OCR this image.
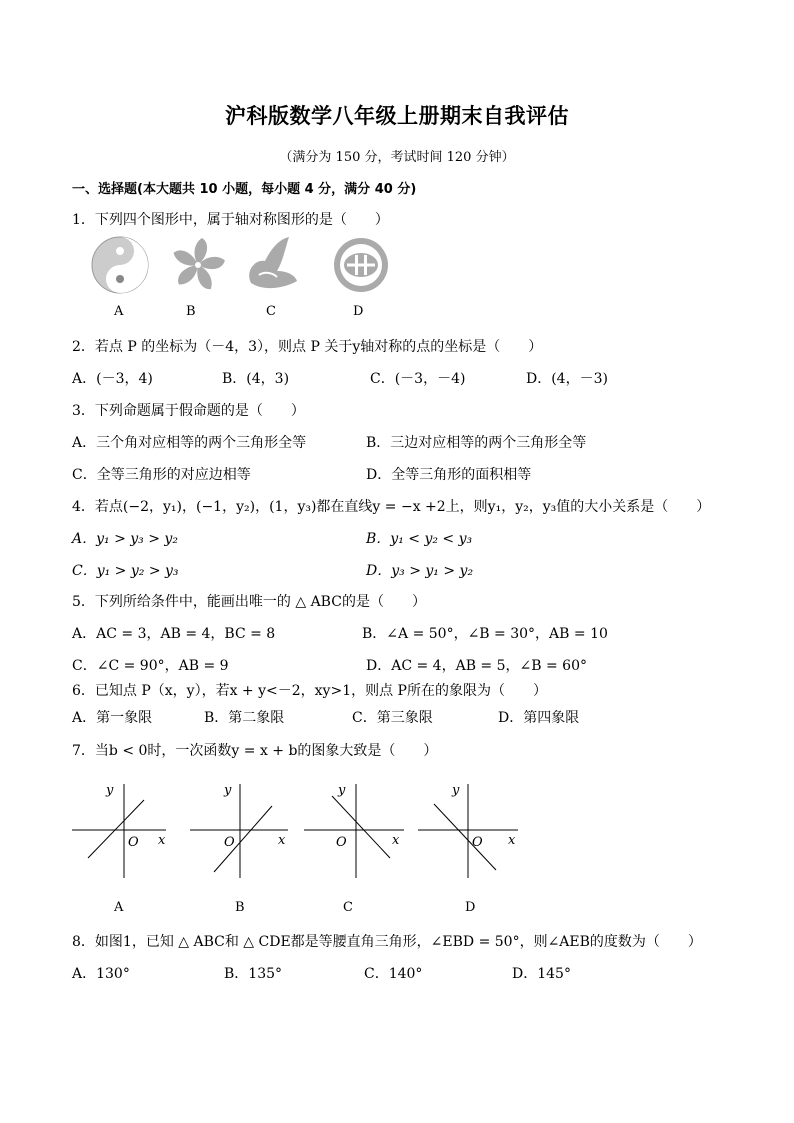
沪科版数学八年级上册期末自我评估
（满分为 150 分，考试时间 120 分钟）
一、选择题(本大题共 10 小题，每小题 4 分，满分 40 分)
1．下列四个图形中，属于轴对称图形的是（　　）
A	B	C	D
2．若点 P 的坐标为（－4，3），则点 P 关于y轴对称的点的坐标是（　　）
A．(－3，4)	B．(4，3)	C．(－3，－4)	D．(4，－3)
3．下列命题属于假命题的是（　　）
A．三个角对应相等的两个三角形全等	B．三边对应相等的两个三角形全等
C．全等三角形的对应边相等	D．全等三角形的面积相等
4．若点(−2，y₁)，(−1，y₂)，(1，y₃)都在直线y = −x +2上，则y₁，y₂，y₃值的大小关系是（　　）
A．y₁ > y₃ > y₂	B．y₁ < y₂ < y₃
C．y₁ > y₂ > y₃	D．y₃ > y₁ > y₂
5．下列所给条件中，能画出唯一的 △ ABC的是（　　）
A．AC = 3，AB = 4，BC = 8	B．∠A = 50°，∠B = 30°，AB = 10
C．∠C = 90°，AB = 9	D．AC = 4，AB = 5，∠B = 60°
6．已知点 P（x，y），若x + y<－2，xy>1，则点 P所在的象限为（　　）
A．第一象限	B．第二象限	C．第三象限	D．第四象限
7．当b < 0时，一次函数y = x + b的图象大致是（　　）
y
O x
y
O	x
y
O	x
y
O x
A	B	C	D
8．如图1，已知 △ ABC和 △ CDE都是等腰直角三角形，∠EBD = 50°，则∠AEB的度数为（　　）
A．130°	B．135°	C．140°	D．145°
